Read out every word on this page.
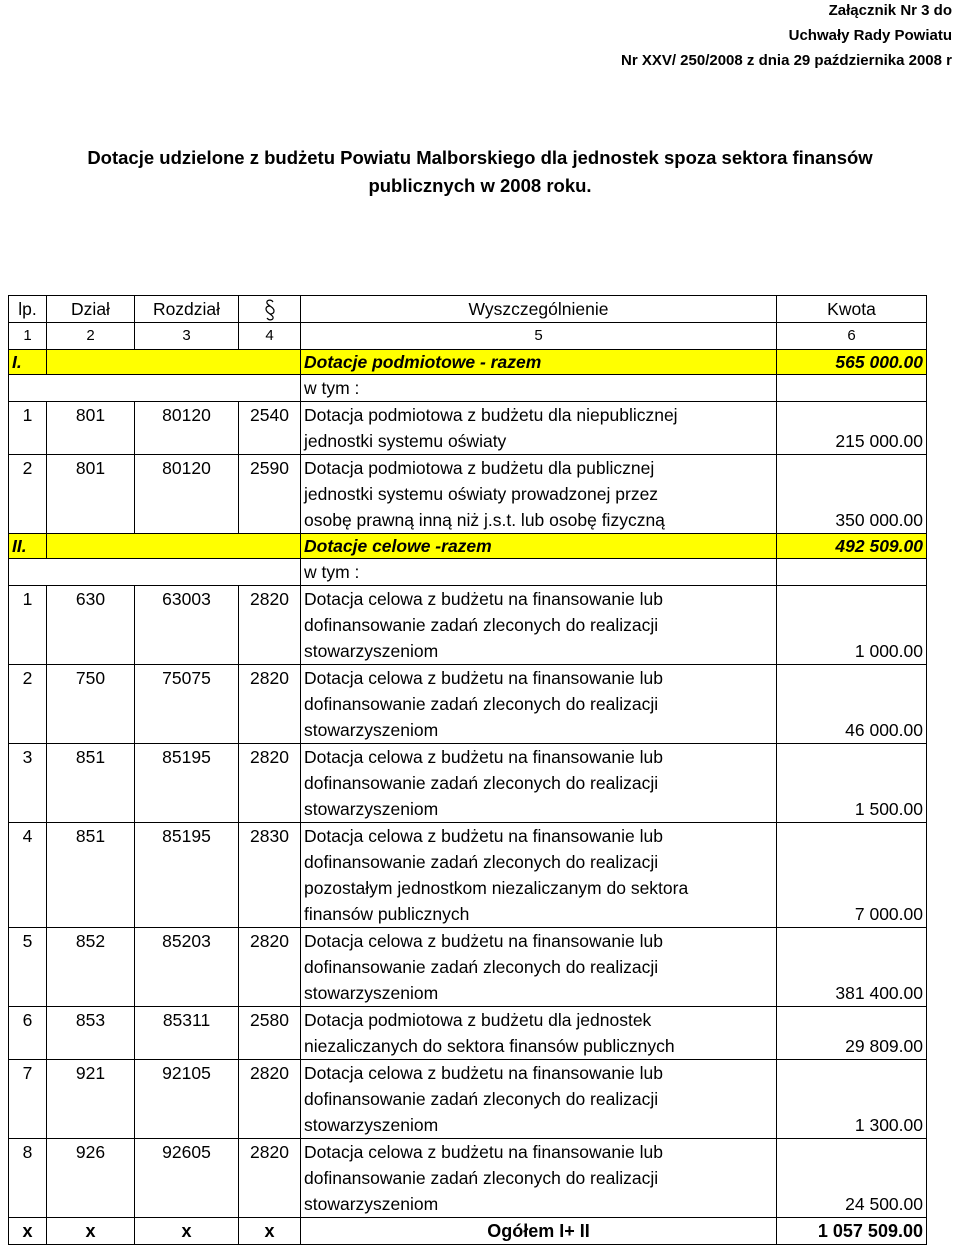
Załącznik Nr 3 do
Uchwały Rady Powiatu
Nr XXV/ 250/2008 z dnia 29 października 2008 r
Dotacje udzielone z budżetu Powiatu Malborskiego dla jednostek spoza sektora finansów
publicznych w 2008 roku.
lp.	Dział	Rozdział		Wyszczególnienie	Kwota
1	2	3	4	5	6
I.				Dotacje podmiotowe - razem	565 000.00
				w tym :	
1	801	80120	2540	Dotacja podmiotowa z budżetu dla niepublicznej
jednostki systemu oświaty	215 000.00
2	801	80120	2590	Dotacja podmiotowa z budżetu dla publicznej
jednostki systemu oświaty prowadzonej przez
osobę prawną inną niż j.s.t. lub osobę fizyczną	350 000.00
II.				Dotacje celowe -razem	492 509.00
				w tym :	
1	630	63003	2820	Dotacja celowa z budżetu na finansowanie lub
dofinansowanie zadań zleconych do realizacji
stowarzyszeniom	1 000.00
2	750	75075	2820	Dotacja celowa z budżetu na finansowanie lub
dofinansowanie zadań zleconych do realizacji
stowarzyszeniom	46 000.00
3	851	85195	2820	Dotacja celowa z budżetu na finansowanie lub
dofinansowanie zadań zleconych do realizacji
stowarzyszeniom	1 500.00
4	851	85195	2830	Dotacja celowa z budżetu na finansowanie lub
dofinansowanie zadań zleconych do realizacji
pozostałym jednostkom niezaliczanym do sektora
finansów publicznych	7 000.00
5	852	85203	2820	Dotacja celowa z budżetu na finansowanie lub
dofinansowanie zadań zleconych do realizacji
stowarzyszeniom	381 400.00
6	853	85311	2580	Dotacja podmiotowa z budżetu dla jednostek
niezaliczanych do sektora finansów publicznych	29 809.00
7	921	92105	2820	Dotacja celowa z budżetu na finansowanie lub
dofinansowanie zadań zleconych do realizacji
stowarzyszeniom	1 300.00
8	926	92605	2820	Dotacja celowa z budżetu na finansowanie lub
dofinansowanie zadań zleconych do realizacji
stowarzyszeniom	24 500.00
x	x	x	x	Ogółem I+ II	1 057 509.00
